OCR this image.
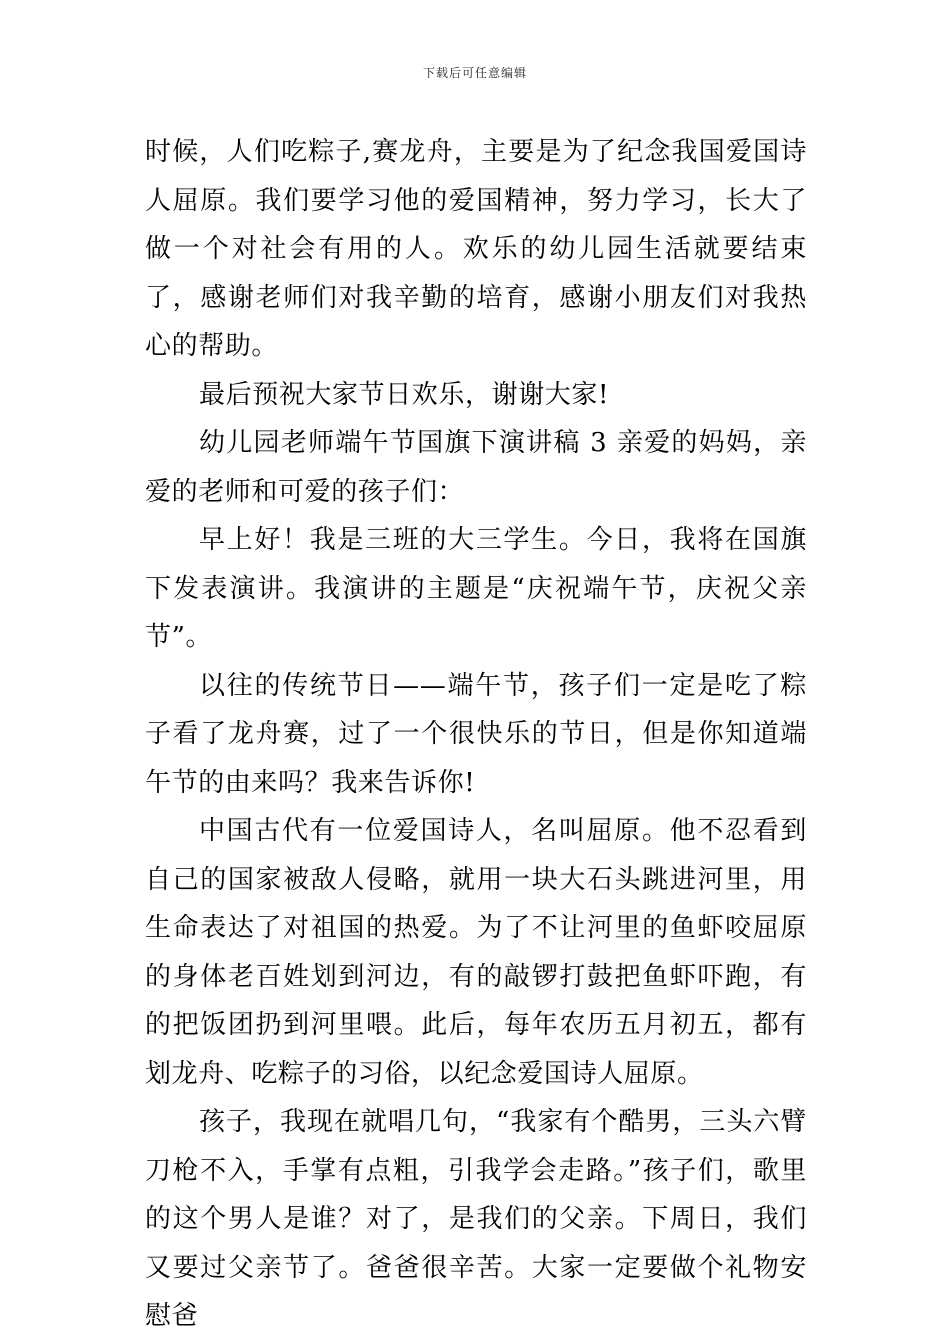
下载后可任意编辑

时候，人们吃粽子,赛龙舟，主要是为了纪念我国爱国诗人屈原。我们要学习他的爱国精神，努力学习，长大了做一个对社会有用的人。欢乐的幼儿园生活就要结束了，感谢老师们对我辛勤的培育，感谢小朋友们对我热心的帮助。

最后预祝大家节日欢乐，谢谢大家!

幼儿园老师端午节国旗下演讲稿 3 亲爱的妈妈，亲爱的老师和可爱的孩子们：

早上好！我是三班的大三学生。今日，我将在国旗下发表演讲。我演讲的主题是“庆祝端午节，庆祝父亲节”。

以往的传统节日——端午节，孩子们一定是吃了粽子看了龙舟赛，过了一个很快乐的节日，但是你知道端午节的由来吗？我来告诉你!

中国古代有一位爱国诗人，名叫屈原。他不忍看到自己的国家被敌人侵略，就用一块大石头跳进河里，用生命表达了对祖国的热爱。为了不让河里的鱼虾咬屈原的身体老百姓划到河边，有的敲锣打鼓把鱼虾吓跑，有的把饭团扔到河里喂。此后，每年农历五月初五，都有划龙舟、吃粽子的习俗，以纪念爱国诗人屈原。

孩子，我现在就唱几句，“我家有个酷男，三头六臂刀枪不入，手掌有点粗，引我学会走路。”孩子们，歌里的这个男人是谁？对了，是我们的父亲。下周日，我们又要过父亲节了。爸爸很辛苦。大家一定要做个礼物安慰爸
